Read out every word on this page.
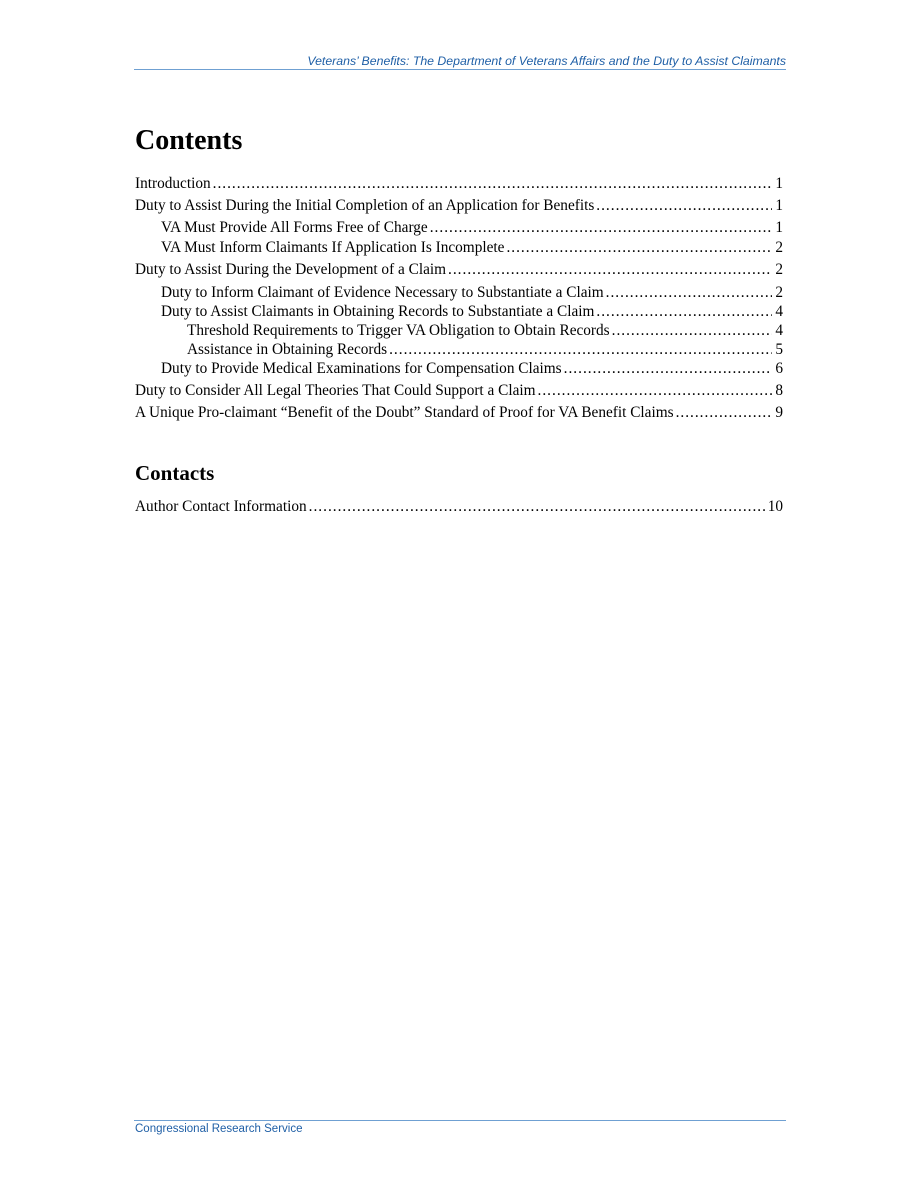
Veterans’ Benefits: The Department of Veterans Affairs and the Duty to Assist Claimants
Contents
Introduction .....	1
Duty to Assist During the Initial Completion of an Application for Benefits .....	1
VA Must Provide All Forms Free of Charge .....	1
VA Must Inform Claimants If Application Is Incomplete .....	2
Duty to Assist During the Development of a Claim .....	2
Duty to Inform Claimant of Evidence Necessary to Substantiate a Claim .....	2
Duty to Assist Claimants in Obtaining Records to Substantiate a Claim .....	4
Threshold Requirements to Trigger VA Obligation to Obtain Records .....	4
Assistance in Obtaining Records .....	5
Duty to Provide Medical Examinations for Compensation Claims .....	6
Duty to Consider All Legal Theories That Could Support a Claim .....	8
A Unique Pro-claimant “Benefit of the Doubt” Standard of Proof for VA Benefit Claims .....	9
Contacts
Author Contact Information .....	10
Congressional Research Service
